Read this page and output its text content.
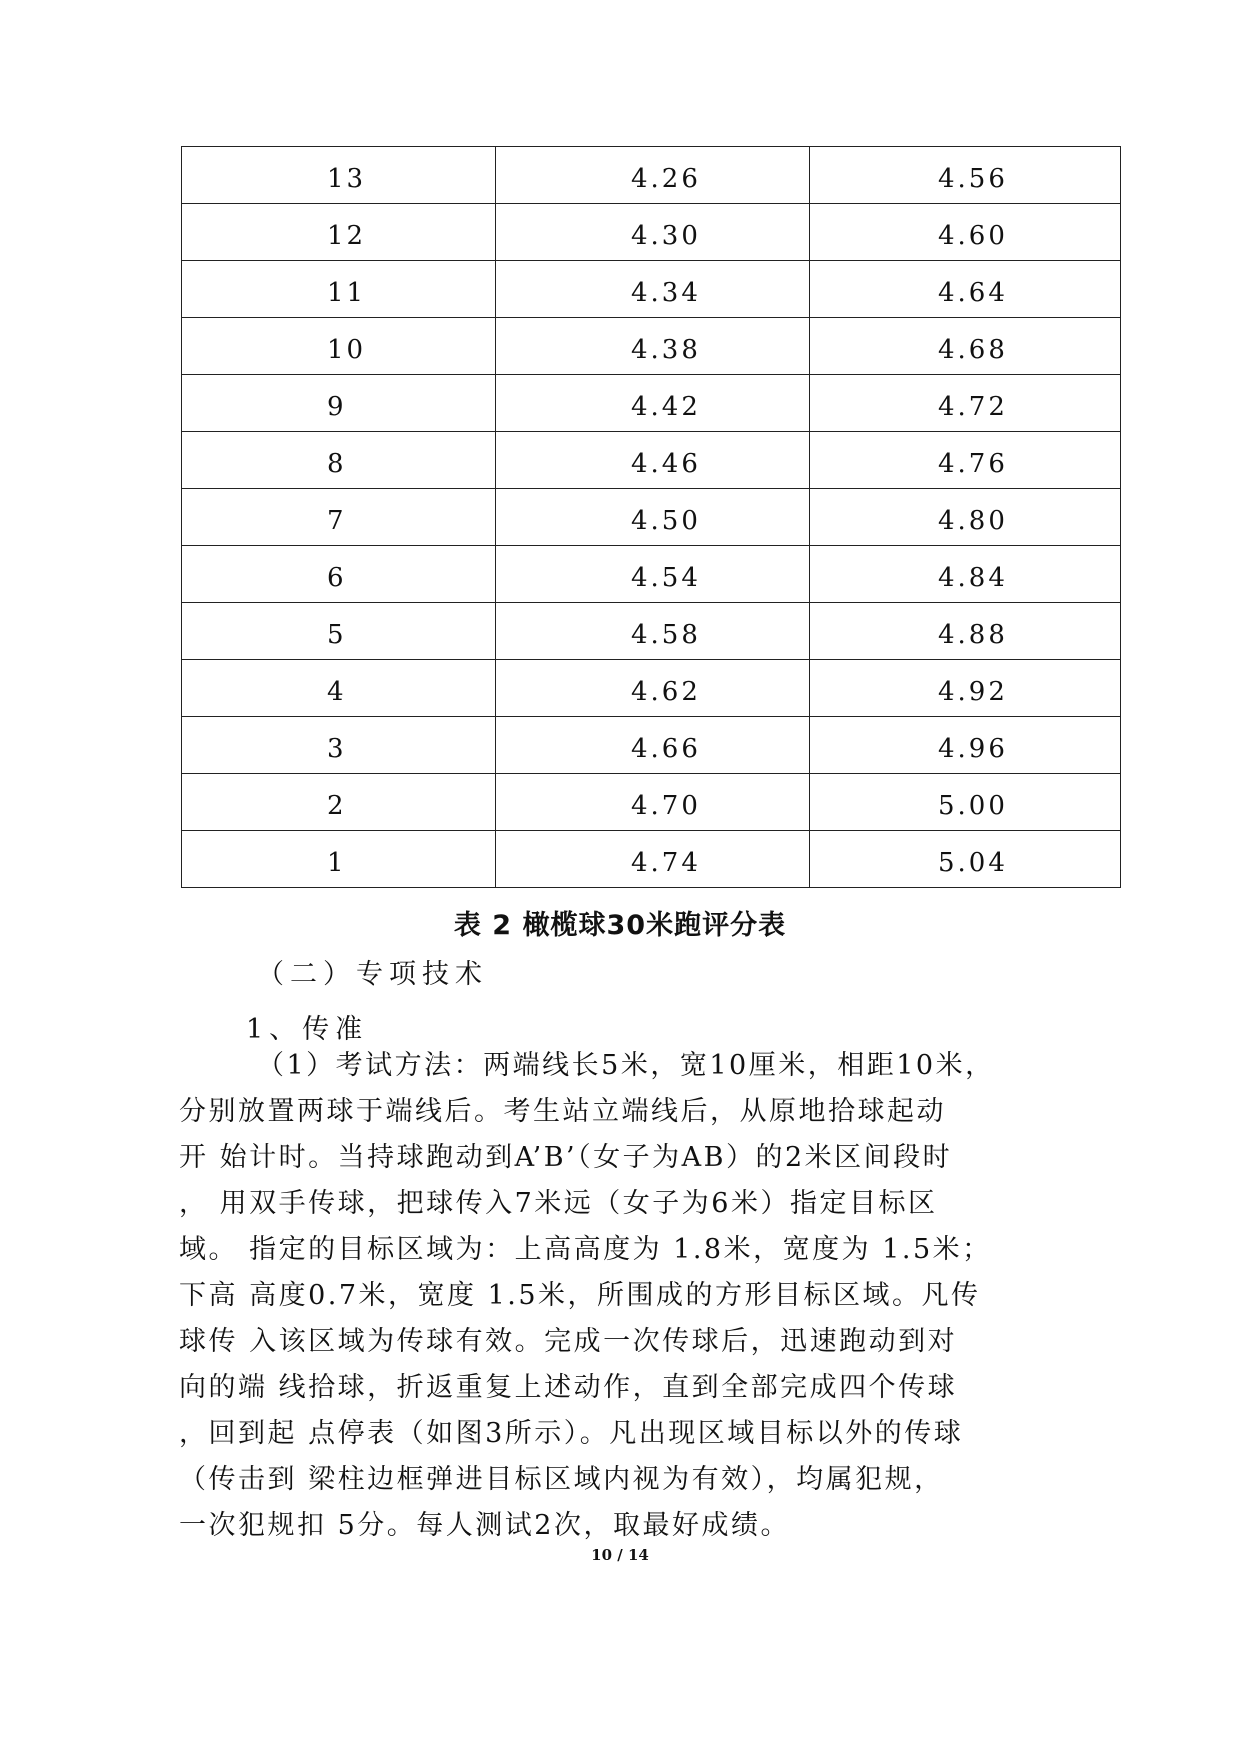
13	4.26	4.56
12	4.30	4.60
11	4.34	4.64
10	4.38	4.68
9	4.42	4.72
8	4.46	4.76
7	4.50	4.80
6	4.54	4.84
5	4.58	4.88
4	4.62	4.92
3	4.66	4.96
2	4.70	5.00
1	4.74	5.04
表 2 橄榄球30米跑评分表
（二）专项技术
1、传准
（1）考试方法：两端线长5米，宽10厘米，相距10米，
分别放置两球于端线后。考生站立端线后，从原地拾球起动
开 始计时。当持球跑动到A’B’（女子为AB）的2米区间段时
， 用双手传球，把球传入7米远（女子为6米）指定目标区
域。 指定的目标区域为：上高高度为 1.8米，宽度为 1.5米；
下高 高度0.7米，宽度 1.5米，所围成的方形目标区域。凡传
球传 入该区域为传球有效。完成一次传球后，迅速跑动到对
向的端 线拾球，折返重复上述动作，直到全部完成四个传球
，回到起 点停表（如图3所示）。凡出现区域目标以外的传球
（传击到 梁柱边框弹进目标区域内视为有效），均属犯规，
一次犯规扣 5分。每人测试2次，取最好成绩。
10 / 14
